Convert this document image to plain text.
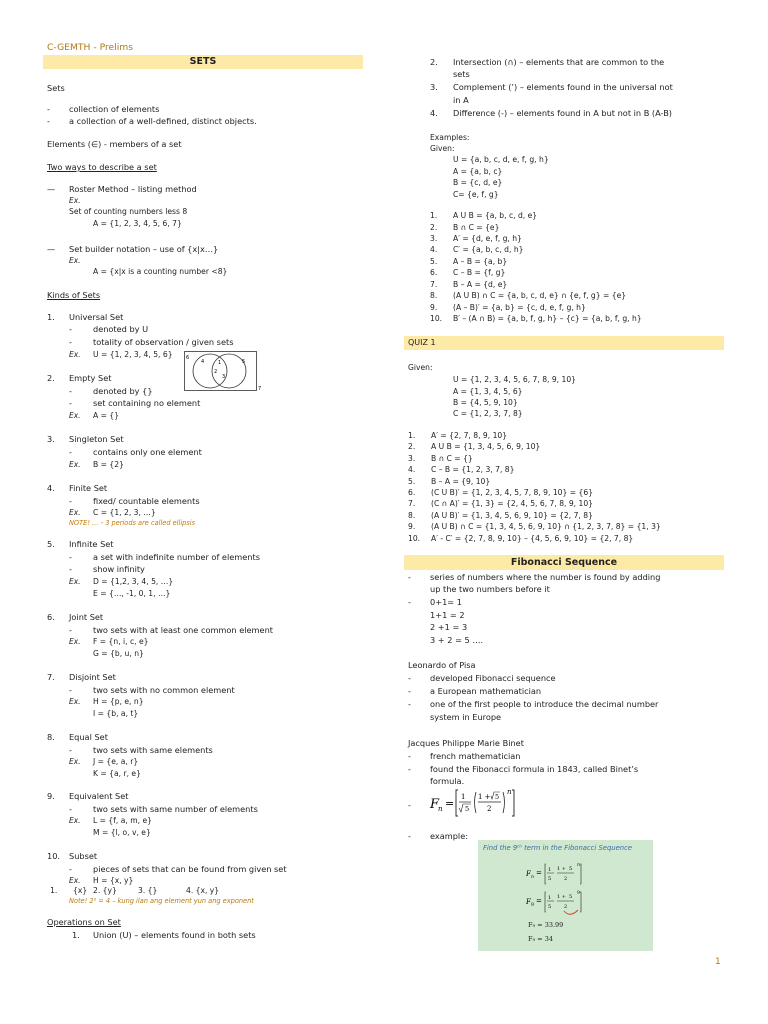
C-GEMTH - Prelims
SETS
Sets
- collection of elements
- a collection of a well-defined, distinct objects.
Elements (∈) - members of a set
Two ways to describe a set
— Roster Method – listing method
Ex.
Set of counting numbers less 8
A = {1, 2, 3, 4, 5, 6, 7}
— Set builder notation – use of {x|x…}
Ex.
A = {x|x is a counting number <8}
Kinds of Sets
1. Universal Set
-	denoted by U
-	totality of observation / given sets
Ex. U = {1, 2, 3, 4, 5, 6}	6
7
4	1
2
3
5
2. Empty Set
-	denoted by {}
-	set containing no element
Ex. A = {}
3. Singleton Set
-	contains only one element
Ex. B = {2}
4. Finite Set
-	fixed/ countable elements
Ex. C = {1, 2, 3, …}
NOTE! … - 3 periods are called ellipsis
5. Infinite Set
-	a set with indefinite number of elements
-	show infinity
Ex. D = {1,2, 3, 4, 5, …}
E = {…, -1, 0, 1, …}
6. Joint Set
-	two sets with at least one common element
Ex. F = {n, i, c, e}
G = {b, u, n}
7. Disjoint Set
-	two sets with no common element
Ex. H = {p, e, n}
I = {b, a, t}
8. Equal Set
-	two sets with same elements
Ex. J = {e, a, r}
K = {a, r, e}
9. Equivalent Set
-	two sets with same number of elements
Ex. L = {f, a, m, e}
M = {l, o, v, e}
10. Subset
-	pieces of sets that can be found from given set
Ex. H = {x, y}
1. {x} 2. {y}	3. {}	4. {x, y}
Note! 2² = 4 – kung ilan ang element yun ang exponent
Operations on Set
1. Union (U) – elements found in both sets
2. Intersection (∩) – elements that are common to the
sets
3. Complement (’) – elements found in the universal not
in A
4. Difference (-) – elements found in A but not in B (A-B)
Examples:
Given:
U = {a, b, c, d, e, f, g, h}
A = {a, b, c}
B = {c, d, e}
C= {e, f, g}
1. A U B = {a, b, c, d, e}
2. B ∩ C = {e}
3. A′ = {d, e, f, g, h}
4. C′ = {a, b, c, d, h}
5. A – B = {a, b}
6. C – B = {f, g}
7. B – A = {d, e}
8. (A U B) ∩ C = {a, b, c, d, e} ∩ {e, f, g} = {e}
9. (A – B)′ = {a, b} = {c, d, e, f, g, h}
10. B′ – (A ∩ B) = {a, b, f, g, h} – {c} = {a, b, f, g, h}
QUIZ 1
Given:
U = {1, 2, 3, 4, 5, 6, 7, 8, 9, 10}
A = {1, 3, 4, 5, 6}
B = {4, 5, 9, 10}
C = {1, 2, 3, 7, 8}
1. A′ = {2, 7, 8, 9, 10}
2. A U B = {1, 3, 4, 5, 6, 9, 10}
3. B ∩ C = {}
4. C – B = {1, 2, 3, 7, 8}
5. B – A = {9, 10}
6. (C U B)′ = {1, 2, 3, 4, 5, 7, 8, 9, 10} = {6}
7. (C ∩ A)′ = {1, 3} = {2, 4, 5, 6, 7, 8, 9, 10}
8. (A U B)′ = {1, 3, 4, 5, 6, 9, 10} = {2, 7, 8}
9. (A U B) ∩ C = {1, 3, 4, 5, 6, 9, 10} ∩ {1, 2, 3, 7, 8} = {1, 3}
10. A′ - C′ = {2, 7, 8, 9, 10} – {4, 5, 6, 9, 10} = {2, 7, 8}
Fibonacci Sequence
- series of numbers where the number is found by adding
up the two numbers before it
- 0+1= 1
1+1 = 2
2 +1 = 3
3 + 2 = 5 ….
Leonardo of Pisa
- developed Fibonacci sequence
- a European mathematician
- one of the first people to introduce the decimal number
system in Europe
Jacques Philippe Marie Binet
- french mathematician
- found the Fibonacci formula in 1843, called Binet’s
formula.
- F
n = 1
5
1 + 5
2
n
- example:
Find the 9ᵗʰ term in the Fibonacci Sequence
F n
= 1
5
1 + 5
2
n
F 9
= 1
5
1 + 5
2
9
F₉ = 33.99
F₉ = 34
1
